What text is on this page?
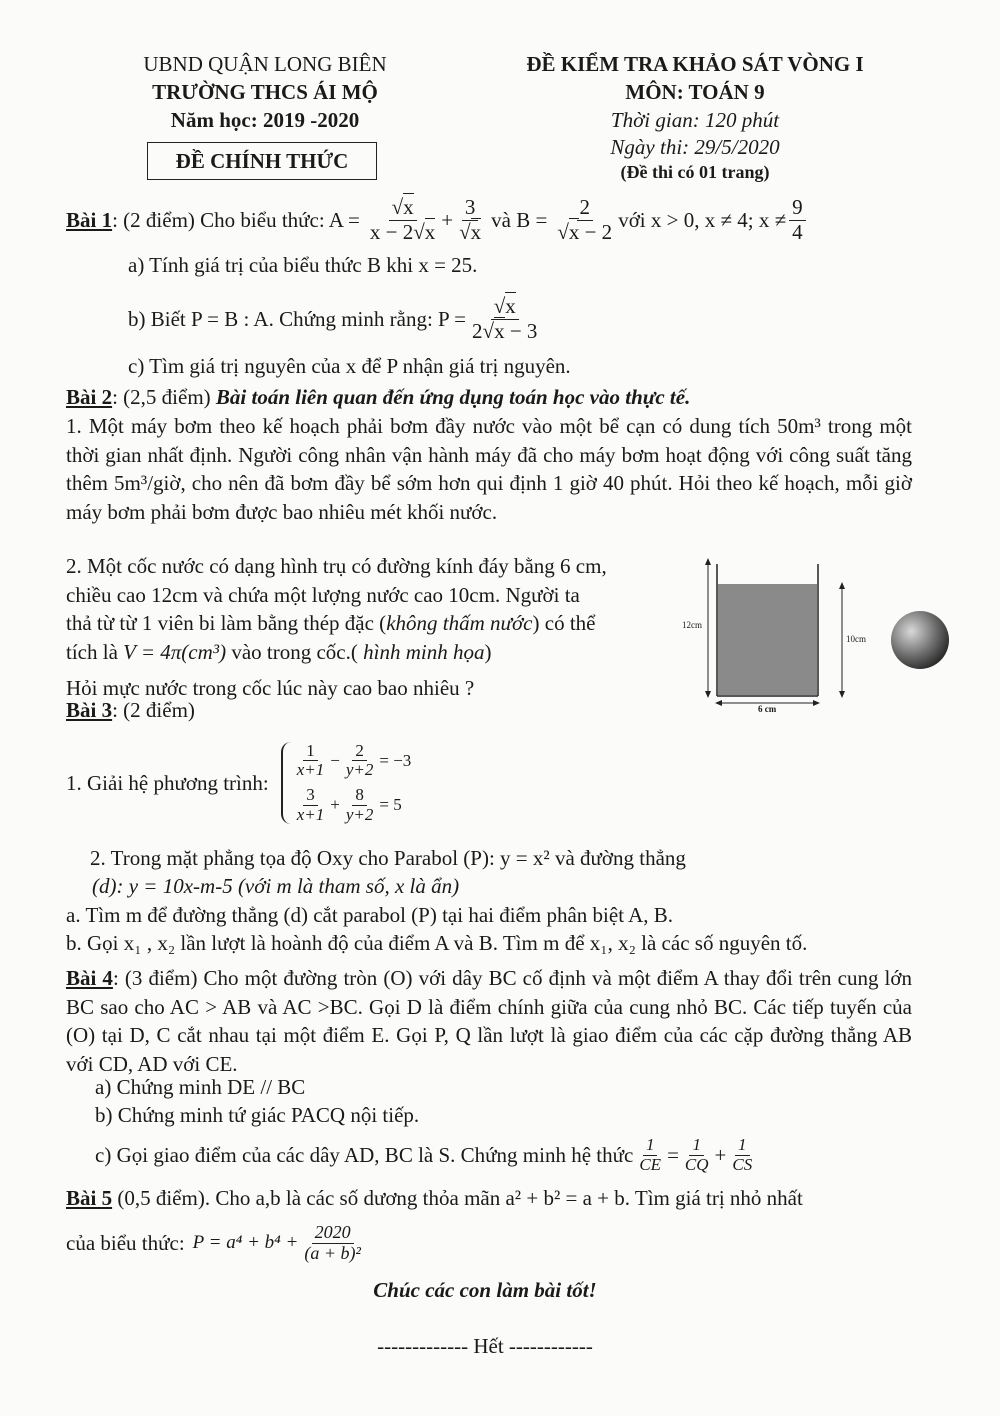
UBND QUẬN LONG BIÊN
TRƯỜNG THCS ÁI MỘ
Năm học: 2019 -2020
ĐỀ CHÍNH THỨC
ĐỀ KIỂM TRA KHẢO SÁT VÒNG I
MÔN: TOÁN 9
Thời gian: 120 phút
Ngày thi: 29/5/2020
(Đề thi có 01 trang)
Bài 1 : (2 điểm) Cho biểu thức: $A = \frac{√x}{x - 2√x} + \frac{3}{√x}$ và $B = \frac{2}{√x - 2}$ với x > 0, x ≠ 4; $x \ne \frac{9}{4}$
a) Tính giá trị của biểu thức B khi x = 25.
b) Biết P = B : A. Chứng minh rằng: $P = \frac{√x}{2√x - 3}$
c) Tìm giá trị nguyên của x để P nhận giá trị nguyên.
Bài 2: (2,5 điểm) Bài toán liên quan đến ứng dụng toán học vào thực tế.
1. Một máy bơm theo kế hoạch phải bơm đầy nước vào một bể cạn có dung tích 50m³ trong một thời gian nhất định. Người công nhân vận hành máy đã cho máy bơm hoạt động với công suất tăng thêm 5m³/giờ, cho nên đã bơm đầy bể sớm hơn qui định 1 giờ 40 phút. Hỏi theo kế hoạch, mỗi giờ máy bơm phải bơm được bao nhiêu mét khối nước.
2. Một cốc nước có dạng hình trụ có đường kính đáy bằng 6 cm,
chiều cao 12cm và chứa một lượng nước cao 10cm. Người ta
thả từ từ 1 viên bi làm bằng thép đặc (không thấm nước) có thể
tích là V = 4π(cm³) vào trong cốc.( hình minh họa)
Hỏi mực nước trong cốc lúc này cao bao nhiêu ?
12cm
10cm
6 cm
Bài 3: (2 điểm)
1. Giải hệ phương trình:
$\frac{1}{x+1} - \frac{2}{y+2} = -3$
$\frac{3}{x+1} + \frac{8}{y+2} = 5$
2. Trong mặt phẳng tọa độ Oxy cho Parabol (P): y = x² và đường thẳng
(d): y = 10x-m-5 (với m là tham số, x là ẩn)
a. Tìm m để đường thẳng (d) cắt parabol (P) tại hai điểm phân biệt A, B.
b. Gọi x₁ , x₂ lần lượt là hoành độ của điểm A và B. Tìm m để x₁, x₂ là các số nguyên tố.
Bài 4: (3 điểm) Cho một đường tròn (O) với dây BC cố định và một điểm A thay đổi trên cung lớn BC sao cho AC > AB và AC >BC. Gọi D là điểm chính giữa của cung nhỏ BC. Các tiếp tuyến của (O) tại D, C cắt nhau tại một điểm E. Gọi P, Q lần lượt là giao điểm của các cặp đường thẳng AB với CD, AD với CE.
a) Chứng minh DE // BC
b) Chứng minh tứ giác PACQ nội tiếp.
c) Gọi giao điểm của các dây AD, BC là S. Chứng minh hệ thức $\frac{1}{CE} = \frac{1}{CQ} + \frac{1}{CS}$
Bài 5 (0,5 điểm). Cho a,b là các số dương thỏa mãn a² + b² = a + b. Tìm giá trị nhỏ nhất
của biểu thức: $P = a^4 + b^4 + \frac{2020}{\text{(a + b)²}}$
Chúc các con làm bài tốt!
------------- Hết ------------
